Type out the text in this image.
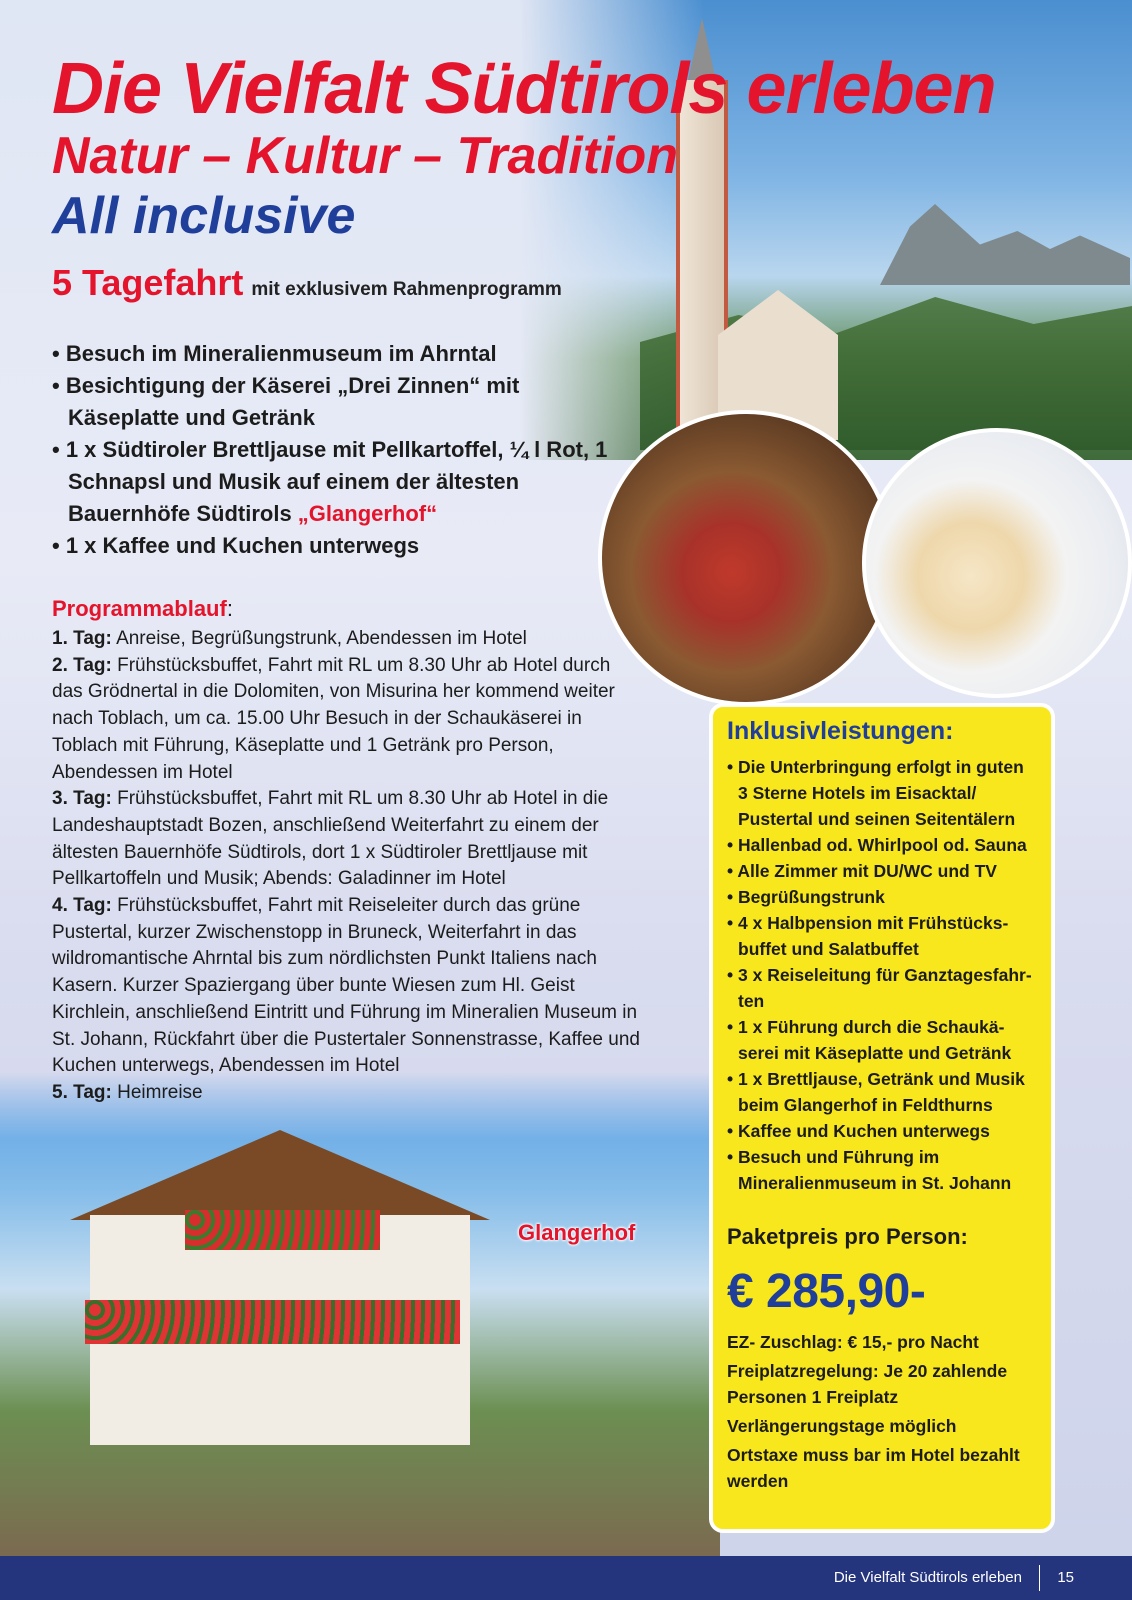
Die Vielfalt Südtirols erleben
Natur – Kultur – Tradition
All inclusive
5 Tagefahrt mit exklusivem Rahmenprogramm
• Besuch im Mineralienmuseum im Ahrntal
• Besichtigung der Käserei „Drei Zinnen“ mit Käseplatte und Getränk
• 1 x Südtiroler Brettljause mit Pellkartoffel, ¼ l Rot, 1 Schnapsl und Musik auf einem der ältesten Bauernhöfe Südtirols „Glangerhof“
• 1 x Kaffee und Kuchen unterwegs
Programmablauf:

1. Tag: Anreise, Begrüßungstrunk, Abendessen im Hotel

2. Tag: Frühstücksbuffet, Fahrt mit RL um 8.30 Uhr ab Hotel durch das Grödnertal in die Dolomiten, von Misurina her kommend weiter nach Toblach, um ca. 15.00 Uhr Besuch in der Schaukäserei in Toblach mit Führung, Käseplatte und 1 Getränk pro Person, Abendessen im Hotel

3. Tag: Frühstücksbuffet, Fahrt mit RL um 8.30 Uhr ab Hotel in die Landeshauptstadt Bozen, anschließend Weiterfahrt zu einem der ältesten Bauernhöfe Südtirols, dort 1 x Südtiroler Brettljause mit Pellkartoffeln und Musik; Abends: Galadinner im Hotel

4. Tag: Frühstücksbuffet, Fahrt mit Reiseleiter durch das grüne Pustertal, kurzer Zwischenstopp in Bruneck, Weiterfahrt in das wildromantische Ahrntal bis zum nördlichsten Punkt Italiens nach Kasern. Kurzer Spaziergang über bunte Wiesen zum Hl. Geist Kirchlein, anschließend Eintritt und Führung im Mineralien Museum in St. Johann, Rückfahrt über die Pustertaler Sonnenstrasse, Kaffee und Kuchen unterwegs, Abendessen im Hotel

5. Tag: Heimreise

Glangerhof
Inklusivleistungen:
• Die Unterbringung erfolgt in guten 3 Sterne Hotels im Eisacktal/ Pustertal und seinen Seitentälern
• Hallenbad od. Whirlpool od. Sauna
• Alle Zimmer mit DU/WC und TV
• Begrüßungstrunk
• 4 x Halbpension mit Frühstücks-buffet und Salatbuffet
• 3 x Reiseleitung für Ganztagesfahr-ten
• 1 x Führung durch die Schaukä-serei mit Käseplatte und Getränk
• 1 x Brettljause, Getränk und Musik beim Glangerhof in Feldthurns
• Kaffee und Kuchen unterwegs
• Besuch und Führung im Mineralienmuseum in St. Johann
Paketpreis pro Person:
€ 285,90-

EZ- Zuschlag: € 15,- pro Nacht

Freiplatzregelung: Je 20 zahlende Personen 1 Freiplatz

Verlängerungstage möglich

Ortstaxe muss bar im Hotel bezahlt werden

Die Vielfalt Südtirols erleben 15
